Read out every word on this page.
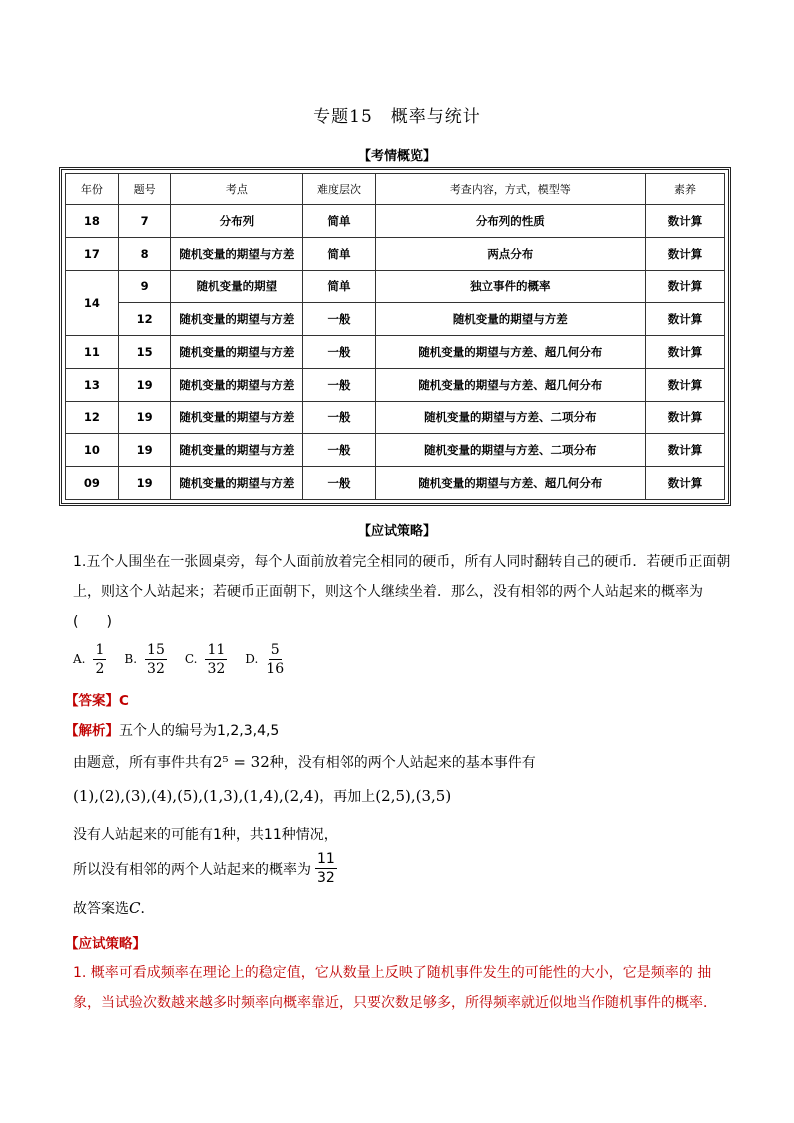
专题15　概率与统计
【考情概览】
年份	题号	考点	难度层次	考查内容，方式，模型等	素养
18	7	分布列	简单	分布列的性质	数计算
17	8	随机变量的期望与方差	简单	两点分布	数计算
14	9	随机变量的期望	简单	独立事件的概率	数计算
	12	随机变量的期望与方差	一般	随机变量的期望与方差	数计算
11	15	随机变量的期望与方差	一般	随机变量的期望与方差、超几何分布	数计算
13	19	随机变量的期望与方差	一般	随机变量的期望与方差、超几何分布	数计算
12	19	随机变量的期望与方差	一般	随机变量的期望与方差、二项分布	数计算
10	19	随机变量的期望与方差	一般	随机变量的期望与方差、二项分布	数计算
09	19	随机变量的期望与方差	一般	随机变量的期望与方差、超几何分布	数计算
【应试策略】
1.五个人围坐在一张圆桌旁，每个人面前放着完全相同的硬币，所有人同时翻转自己的硬币．若硬币正面朝上，则这个人站起来；若硬币正面朝下，则这个人继续坐着．那么，没有相邻的两个人站起来的概率为
(　　)
A. $\frac{1}{2} B$. $\frac{15}{32} C$. $\frac{11}{32} D$. $\frac{5}{16}$
【答案】C
【解析】五个人的编号为1,2,3,4,5
由题意，所有事件共有2⁵ = 32种，没有相邻的两个人站起来的基本事件有
(1),(2),(3),(4),(5),(1,3),(1,4),(2,4)，再加上(2,5),(3,5)
没有人站起来的可能有1种，共11种情况，
所以没有相邻的两个人站起来的概率为 $\frac{11}{32}$
故答案选C．
【应试策略】
1. 概率可看成频率在理论上的稳定值，它从数量上反映了随机事件发生的可能性的大小，它是频率的 抽象，当试验次数越来越多时频率向概率靠近，只要次数足够多，所得频率就近似地当作随机事件的概率．
